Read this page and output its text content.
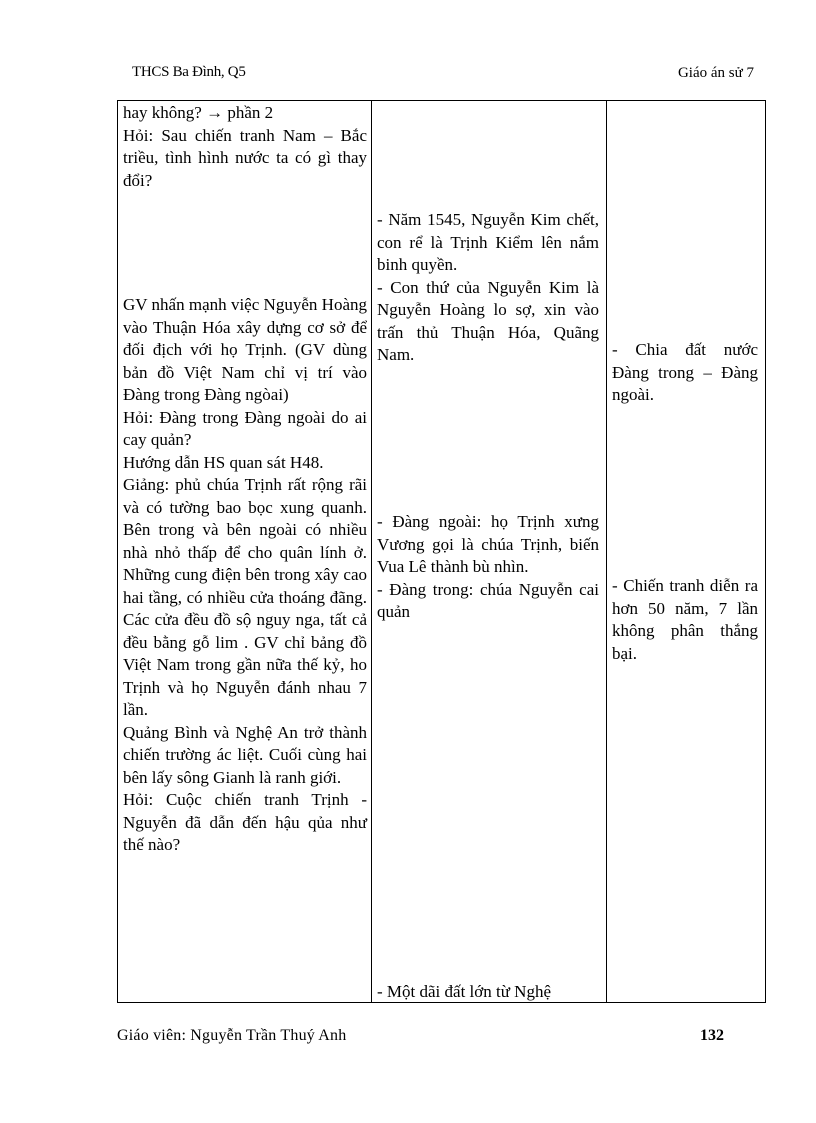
THCS Ba Đình, Q5	Giáo án sử 7
hay không? → phần 2
Hỏi: Sau chiến tranh Nam – Bắc triều, tình hình nước ta có gì thay đổi?
GV nhấn mạnh việc Nguyễn Hoàng vào Thuận Hóa xây dựng cơ sở để đối địch với họ Trịnh. (GV dùng bản đồ Việt Nam chỉ vị trí vào Đàng trong Đàng ngòai)
Hỏi: Đàng trong Đàng ngoài do ai cay quản?
Hướng dẫn HS quan sát H48.
Giảng: phủ chúa Trịnh rất rộng rãi và có tường bao bọc xung quanh. Bên trong và bên ngoài có nhiều nhà nhỏ thấp để cho quân lính ở. Những cung điện bên trong xây cao hai tầng, có nhiều cửa thoáng đãng. Các cửa đều đồ sộ nguy nga, tất cả đều bằng gỗ lim . GV chỉ bảng đồ Việt Nam trong gần nữa thế kỷ, ho Trịnh và họ Nguyễn đánh nhau 7 lần.
Quảng Bình và Nghệ An trở thành chiến trường ác liệt. Cuối cùng hai bên lấy sông Gianh là ranh giới.
Hỏi: Cuộc chiến tranh Trịnh - Nguyễn đã dẫn đến hậu qủa như thế nào?
- Năm 1545, Nguyễn Kim chết, con rể là Trịnh Kiểm lên nắm binh quyền.
- Con thứ của Nguyễn Kim là Nguyễn Hoàng lo sợ, xin vào trấn thủ Thuận Hóa, Quãng Nam.
- Đàng ngoài: họ Trịnh xưng Vương gọi là chúa Trịnh, biến Vua Lê thành bù nhìn.
- Đàng trong: chúa Nguyễn cai quản
- Một dãi đất lớn từ Nghệ
- Chia đất nước Đàng trong – Đàng ngoài.
- Chiến tranh diễn ra hơn 50 năm, 7 lần không phân thắng bại.
Giáo viên: Nguyễn Trần Thuý Anh	132
